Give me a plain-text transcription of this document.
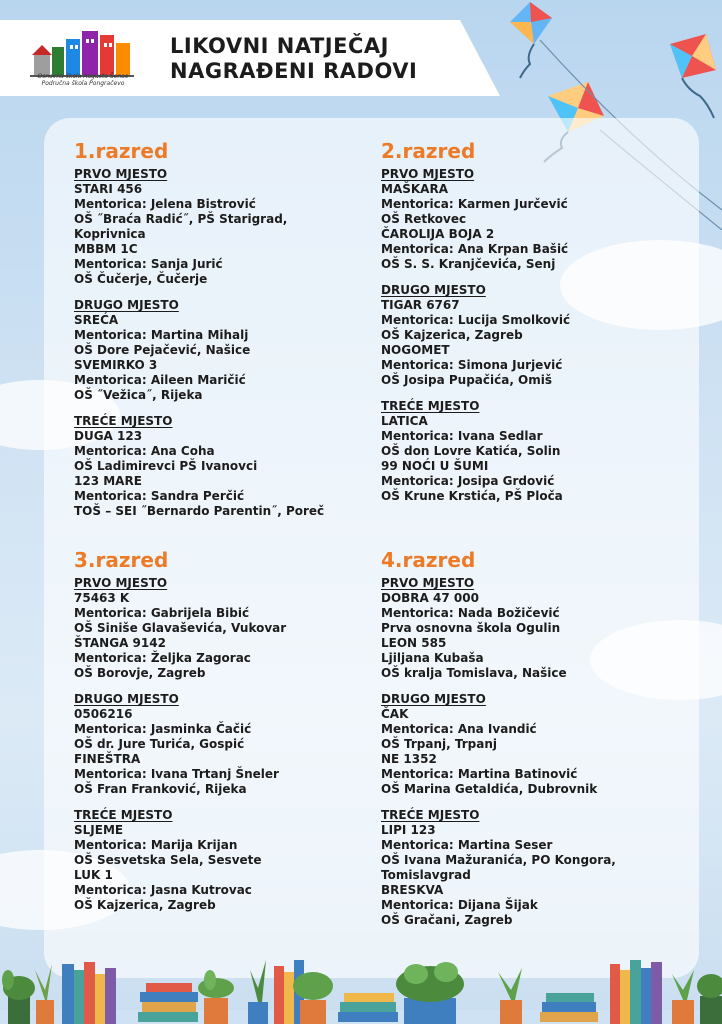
Osnovna škola Augusta Šenoe
Područna škola Pongračevo
LIKOVNI NATJEČAJ
NAGRAĐENI RADOVI
1.razred
PRVO MJESTO
STARI 456
Mentorica: Jelena Bistrović
OŠ ˝Braća Radić˝, PŠ Starigrad,
Koprivnica
MBBM 1C
Mentorica: Sanja Jurić
OŠ Čučerje, Čučerje
DRUGO MJESTO
SREĆA
Mentorica: Martina Mihalj
OŠ Dore Pejačević, Našice
SVEMIRKO 3
Mentorica: Aileen Maričić
OŠ ˝Vežica˝, Rijeka
TREĆE MJESTO
DUGA 123
Mentorica: Ana Coha
OŠ Ladimirevci PŠ Ivanovci
123 MARE
Mentorica: Sandra Perčić
TOŠ – SEI ˝Bernardo Parentin˝, Poreč
2.razred
PRVO MJESTO
MAŠKARA
Mentorica: Karmen Jurčević
OŠ Retkovec
ČAROLIJA BOJA 2
Mentorica: Ana Krpan Bašić
OŠ S. S. Kranjčevića, Senj
DRUGO MJESTO
TIGAR 6767
Mentorica: Lucija Smolković
OŠ Kajzerica, Zagreb
NOGOMET
Mentorica: Simona Jurjević
OŠ Josipa Pupačića, Omiš
TREĆE MJESTO
LATICA
Mentorica: Ivana Sedlar
OŠ don Lovre Katića, Solin
99 NOĆI U ŠUMI
Mentorica: Josipa Grdović
OŠ Krune Krstića, PŠ Ploča
3.razred
PRVO MJESTO
75463 K
Mentorica: Gabrijela Bibić
OŠ Siniše Glavaševića, Vukovar
ŠTANGA 9142
Mentorica: Željka Zagorac
OŠ Borovje, Zagreb
DRUGO MJESTO
0506216
Mentorica: Jasminka Čačić
OŠ dr. Jure Turića, Gospić
FINEŠTRA
Mentorica: Ivana Trtanj Šneler
OŠ Fran Franković, Rijeka
TREĆE MJESTO
SLJEME
Mentorica: Marija Krijan
OŠ Sesvetska Sela, Sesvete
LUK 1
Mentorica: Jasna Kutrovac
OŠ Kajzerica, Zagreb
4.razred
PRVO MJESTO
DOBRA 47 000
Mentorica: Nada Božičević
Prva osnovna škola Ogulin
LEON 585
Ljiljana Kubaša
OŠ kralja Tomislava, Našice
DRUGO MJESTO
ČAK
Mentorica: Ana Ivandić
OŠ Trpanj, Trpanj
NE 1352
Mentorica: Martina Batinović
OŠ Marina Getaldića, Dubrovnik
TREĆE MJESTO
LIPI 123
Mentorica: Martina Seser
OŠ Ivana Mažuranića, PO Kongora,
Tomislavgrad
BRESKVA
Mentorica: Dijana Šijak
OŠ Gračani, Zagreb
